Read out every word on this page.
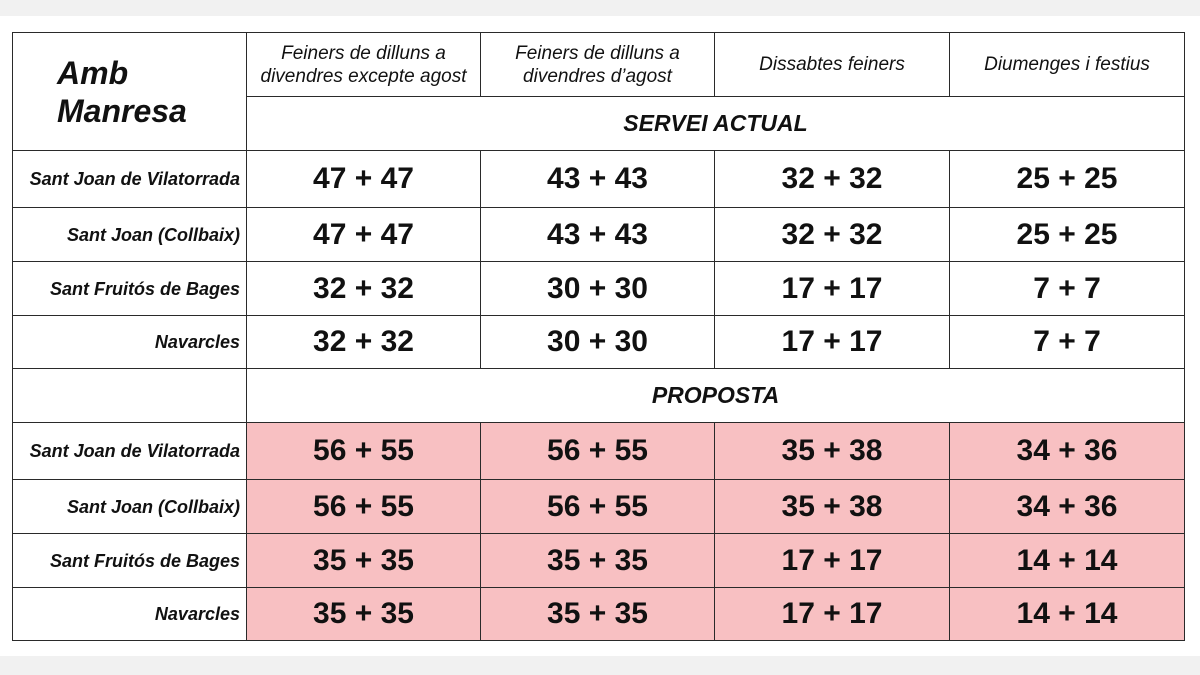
Amb Manresa	Feiners de dilluns a divendres excepte agost	Feiners de dilluns a divendres d’agost	Dissabtes feiners	Diumenges i festius
	SERVEI ACTUAL			
Sant Joan de Vilatorrada	47 + 47	43 + 43	32 + 32	25 + 25
Sant Joan (Collbaix)	47 + 47	43 + 43	32 + 32	25 + 25
Sant Fruitós de Bages	32 + 32	30 + 30	17 + 17	7 + 7
Navarcles	32 + 32	30 + 30	17 + 17	7 + 7
	PROPOSTA			
Sant Joan de Vilatorrada	56 + 55	56 + 55	35 + 38	34 + 36
Sant Joan (Collbaix)	56 + 55	56 + 55	35 + 38	34 + 36
Sant Fruitós de Bages	35 + 35	35 + 35	17 + 17	14 + 14
Navarcles	35 + 35	35 + 35	17 + 17	14 + 14
